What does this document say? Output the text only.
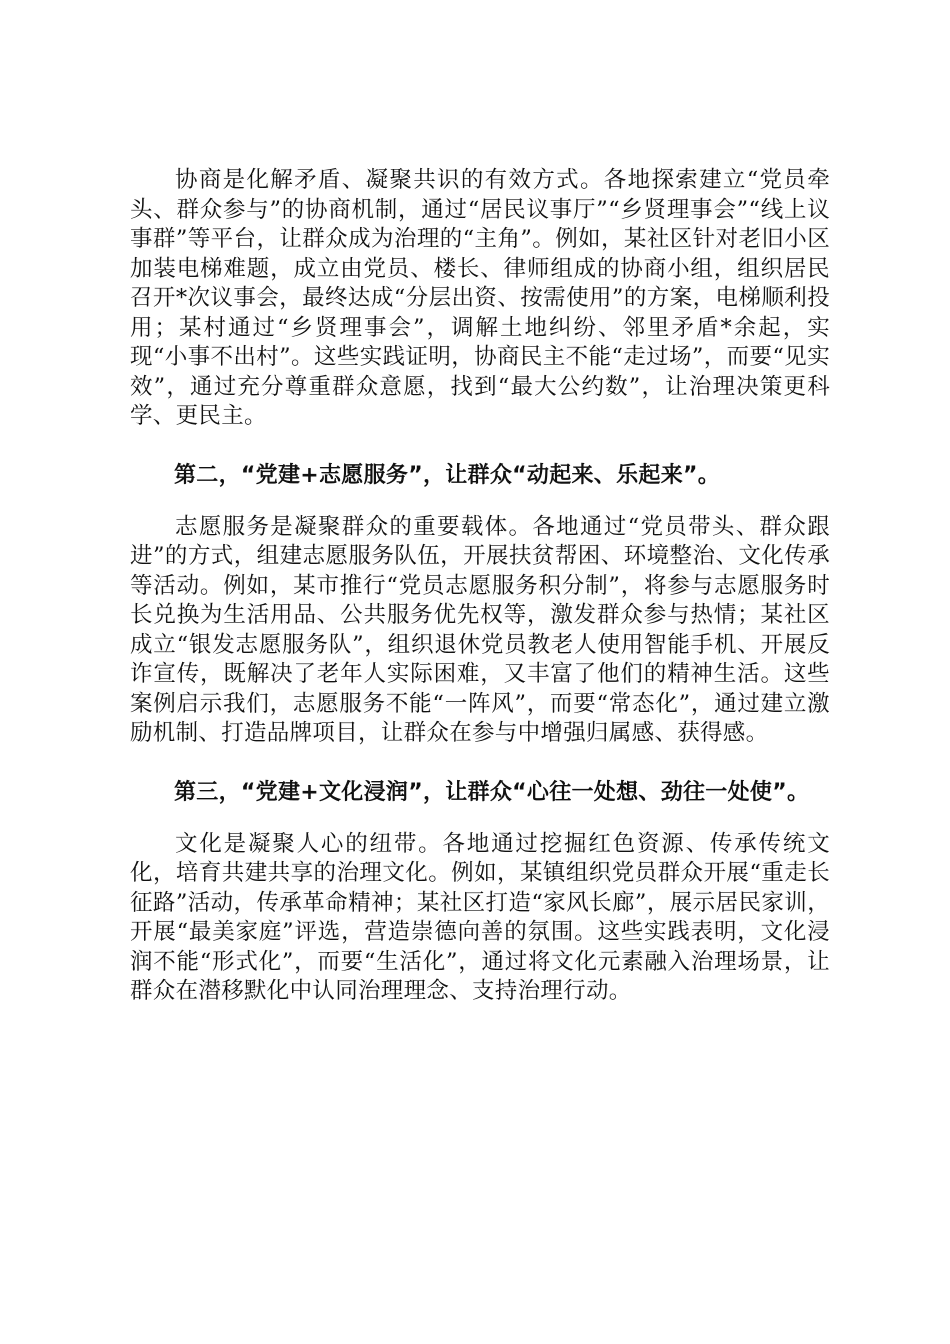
协商是化解矛盾、凝聚共识的有效方式。各地探索建立“党员牵头、群众参与”的协商机制，通过“居民议事厅”“乡贤理事会”“线上议事群”等平台，让群众成为治理的“主角”。例如，某社区针对老旧小区加装电梯难题，成立由党员、楼长、律师组成的协商小组，组织居民召开*次议事会，最终达成“分层出资、按需使用”的方案，电梯顺利投用；某村通过“乡贤理事会”，调解土地纠纷、邻里矛盾*余起，实现“小事不出村”。这些实践证明，协商民主不能“走过场”，而要“见实效”，通过充分尊重群众意愿，找到“最大公约数”，让治理决策更科学、更民主。

第二，“党建+志愿服务”，让群众“动起来、乐起来”。

志愿服务是凝聚群众的重要载体。各地通过“党员带头、群众跟进”的方式，组建志愿服务队伍，开展扶贫帮困、环境整治、文化传承等活动。例如，某市推行“党员志愿服务积分制”，将参与志愿服务时长兑换为生活用品、公共服务优先权等，激发群众参与热情；某社区成立“银发志愿服务队”，组织退休党员教老人使用智能手机、开展反诈宣传，既解决了老年人实际困难，又丰富了他们的精神生活。这些案例启示我们，志愿服务不能“一阵风”，而要“常态化”，通过建立激励机制、打造品牌项目，让群众在参与中增强归属感、获得感。

第三，“党建+文化浸润”，让群众“心往一处想、劲往一处使”。

文化是凝聚人心的纽带。各地通过挖掘红色资源、传承传统文化，培育共建共享的治理文化。例如，某镇组织党员群众开展“重走长征路”活动，传承革命精神；某社区打造“家风长廊”，展示居民家训，开展“最美家庭”评选，营造崇德向善的氛围。这些实践表明，文化浸润不能“形式化”，而要“生活化”，通过将文化元素融入治理场景，让群众在潜移默化中认同治理理念、支持治理行动。
